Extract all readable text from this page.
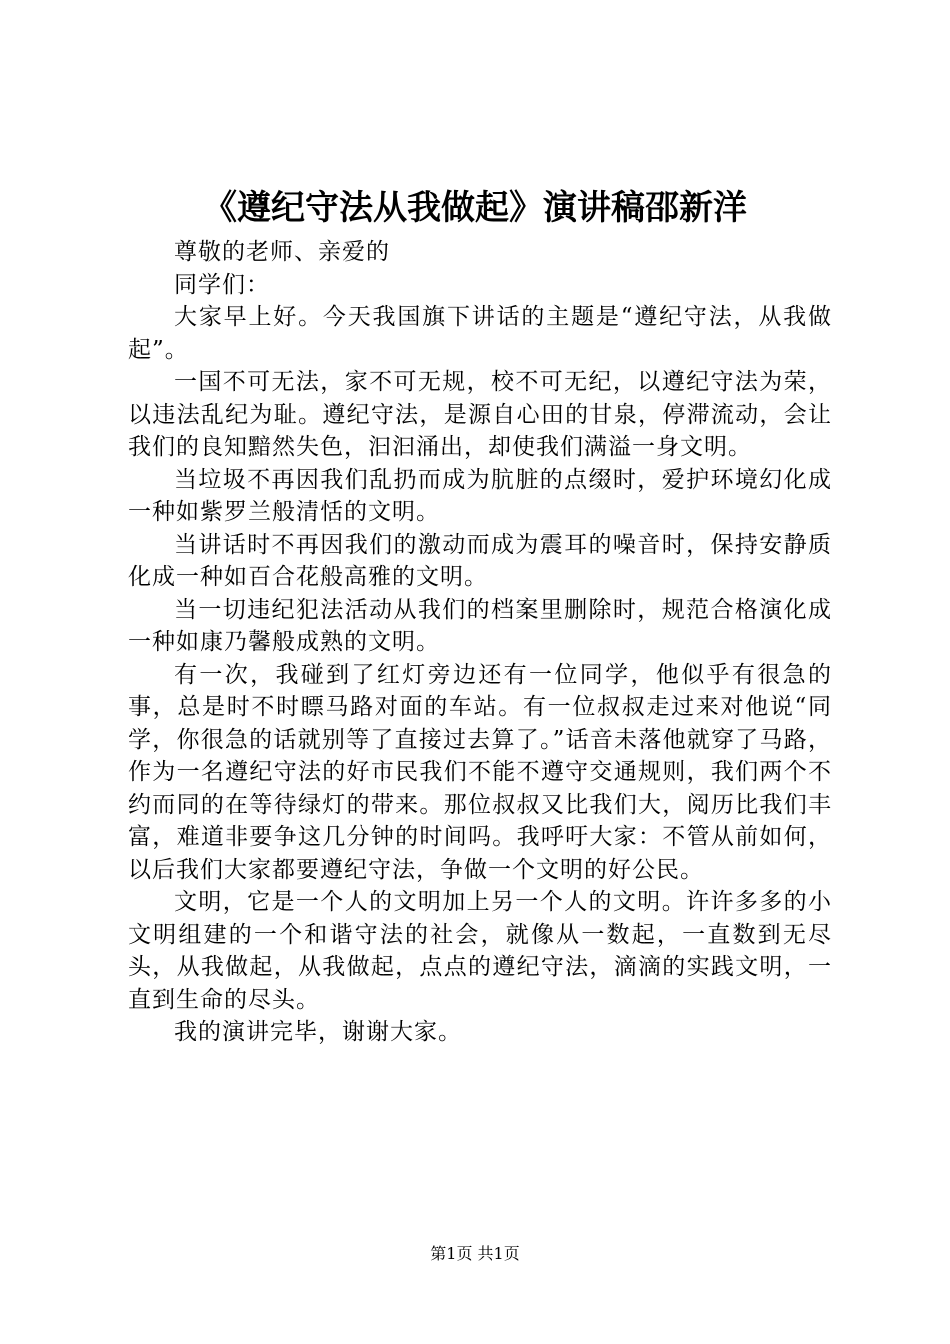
《遵纪守法从我做起》演讲稿邵新洋

尊敬的老师、亲爱的

同学们：

大家早上好。今天我国旗下讲话的主题是“遵纪守法，从我做起”。

一国不可无法，家不可无规，校不可无纪，以遵纪守法为荣，以违法乱纪为耻。遵纪守法，是源自心田的甘泉，停滞流动，会让我们的良知黯然失色，汩汩涌出，却使我们满溢一身文明。

当垃圾不再因我们乱扔而成为肮脏的点缀时，爱护环境幻化成一种如紫罗兰般清恬的文明。

当讲话时不再因我们的激动而成为震耳的噪音时，保持安静质化成一种如百合花般高雅的文明。

当一切违纪犯法活动从我们的档案里删除时，规范合格演化成一种如康乃馨般成熟的文明。

有一次，我碰到了红灯旁边还有一位同学，他似乎有很急的事，总是时不时瞟马路对面的车站。有一位叔叔走过来对他说“同学，你很急的话就别等了直接过去算了。”话音未落他就穿了马路，作为一名遵纪守法的好市民我们不能不遵守交通规则，我们两个不约而同的在等待绿灯的带来。那位叔叔又比我们大，阅历比我们丰富，难道非要争这几分钟的时间吗。我呼吁大家：不管从前如何，以后我们大家都要遵纪守法，争做一个文明的好公民。

文明，它是一个人的文明加上另一个人的文明。许许多多的小文明组建的一个和谐守法的社会，就像从一数起，一直数到无尽头，从我做起，从我做起，点点的遵纪守法，滴滴的实践文明，一直到生命的尽头。

我的演讲完毕，谢谢大家。

第1页 共1页
